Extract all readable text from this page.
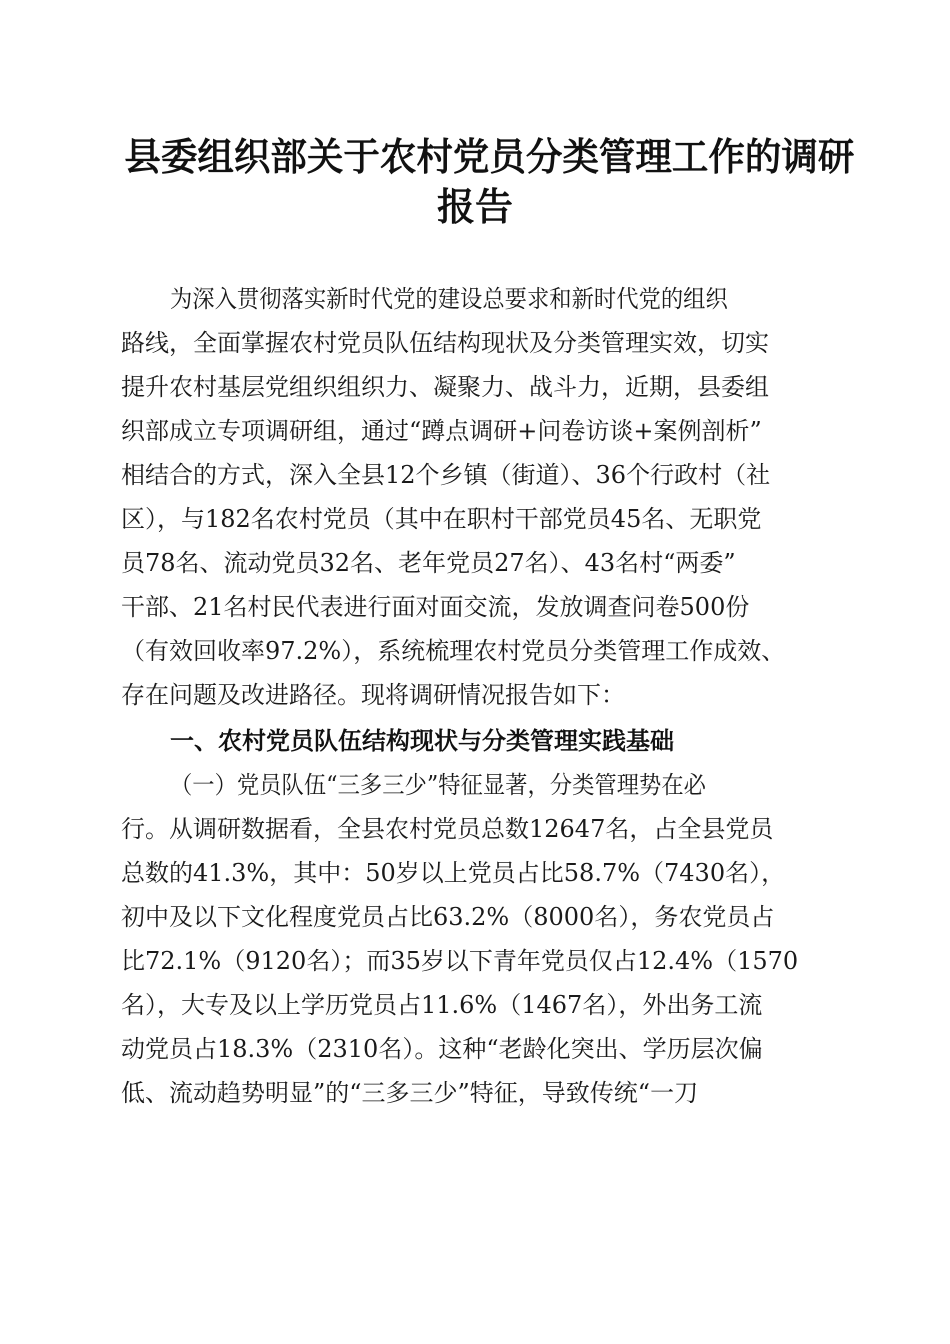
县委组织部关于农村党员分类管理工作的调研
报告
为深入贯彻落实新时代党的建设总要求和新时代党的组织
路线，全面掌握农村党员队伍结构现状及分类管理实效，切实
提升农村基层党组织组织力、凝聚力、战斗力，近期，县委组
织部成立专项调研组，通过“蹲点调研+问卷访谈+案例剖析”
相结合的方式，深入全县12个乡镇（街道）、36个行政村（社
区），与182名农村党员（其中在职村干部党员45名、无职党
员78名、流动党员32名、老年党员27名）、43名村“两委”
干部、21名村民代表进行面对面交流，发放调查问卷500份
（有效回收率97.2%），系统梳理农村党员分类管理工作成效、
存在问题及改进路径。现将调研情况报告如下：
一、农村党员队伍结构现状与分类管理实践基础
（一）党员队伍“三多三少”特征显著，分类管理势在必
行。从调研数据看，全县农村党员总数12647名，占全县党员
总数的41.3%，其中：50岁以上党员占比58.7%（7430名），
初中及以下文化程度党员占比63.2%（8000名），务农党员占
比72.1%（9120名）；而35岁以下青年党员仅占12.4%（1570
名），大专及以上学历党员占11.6%（1467名），外出务工流
动党员占18.3%（2310名）。这种“老龄化突出、学历层次偏
低、流动趋势明显”的“三多三少”特征，导致传统“一刀
